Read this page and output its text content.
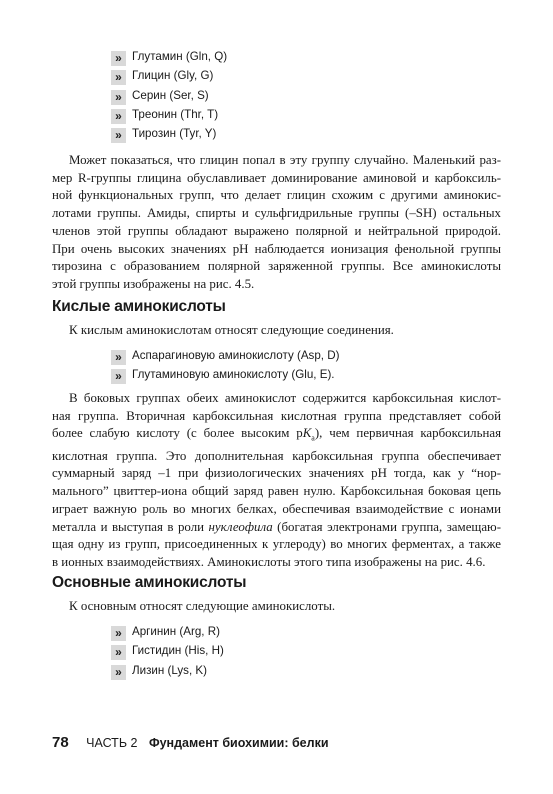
» Глутамин (Gln, Q)
» Глицин (Gly, G)
» Серин (Ser, S)
» Треонин (Thr, T)
» Тирозин (Tyr, Y)

Может показаться, что глицин попал в эту группу случайно. Маленький раз-
мер R-группы глицина обуславливает доминирование аминовой и карбоксиль-
ной функциональных групп, что делает глицин схожим с другими аминокис-
лотами группы. Амиды, спирты и сульфгидрильные группы (–SH) остальных
членов этой группы обладают выражено полярной и нейтральной природой.
При очень высоких значениях pH наблюдается ионизация фенольной группы
тирозина с образованием полярной заряженной группы. Все аминокислоты
этой группы изображены на рис. 4.5.

Кислые аминокислоты

К кислым аминокислотам относят следующие соединения.

» Аспарагиновую аминокислоту (Asp, D)
» Глутаминовую аминокислоту (Glu, E).

В боковых группах обеих аминокислот содержится карбоксильная кислот-
ная группа. Вторичная карбоксильная кислотная группа представляет собой
более слабую кислоту (с более высоким $pK_a$), чем первичная карбоксильная
кислотная группа. Это дополнительная карбоксильная группа обеспечивает
суммарный заряд –1 при физиологических значениях pH тогда, как у “нор-
мального” цвиттер-иона общий заряд равен нулю. Карбоксильная боковая цепь
играет важную роль во многих белках, обеспечивая взаимодействие с ионами
металла и выступая в роли нуклеофила (богатая электронами группа, замещаю-
щая одну из групп, присоединенных к углероду) во многих ферментах, а также
в ионных взаимодействиях. Аминокислоты этого типа изображены на рис. 4.6.

Основные аминокислоты

К основным относят следующие аминокислоты.

» Аргинин (Arg, R)
» Гистидин (His, H)
» Лизин (Lys, K)
78 ЧАСТЬ 2 Фундамент биохимии: белки
